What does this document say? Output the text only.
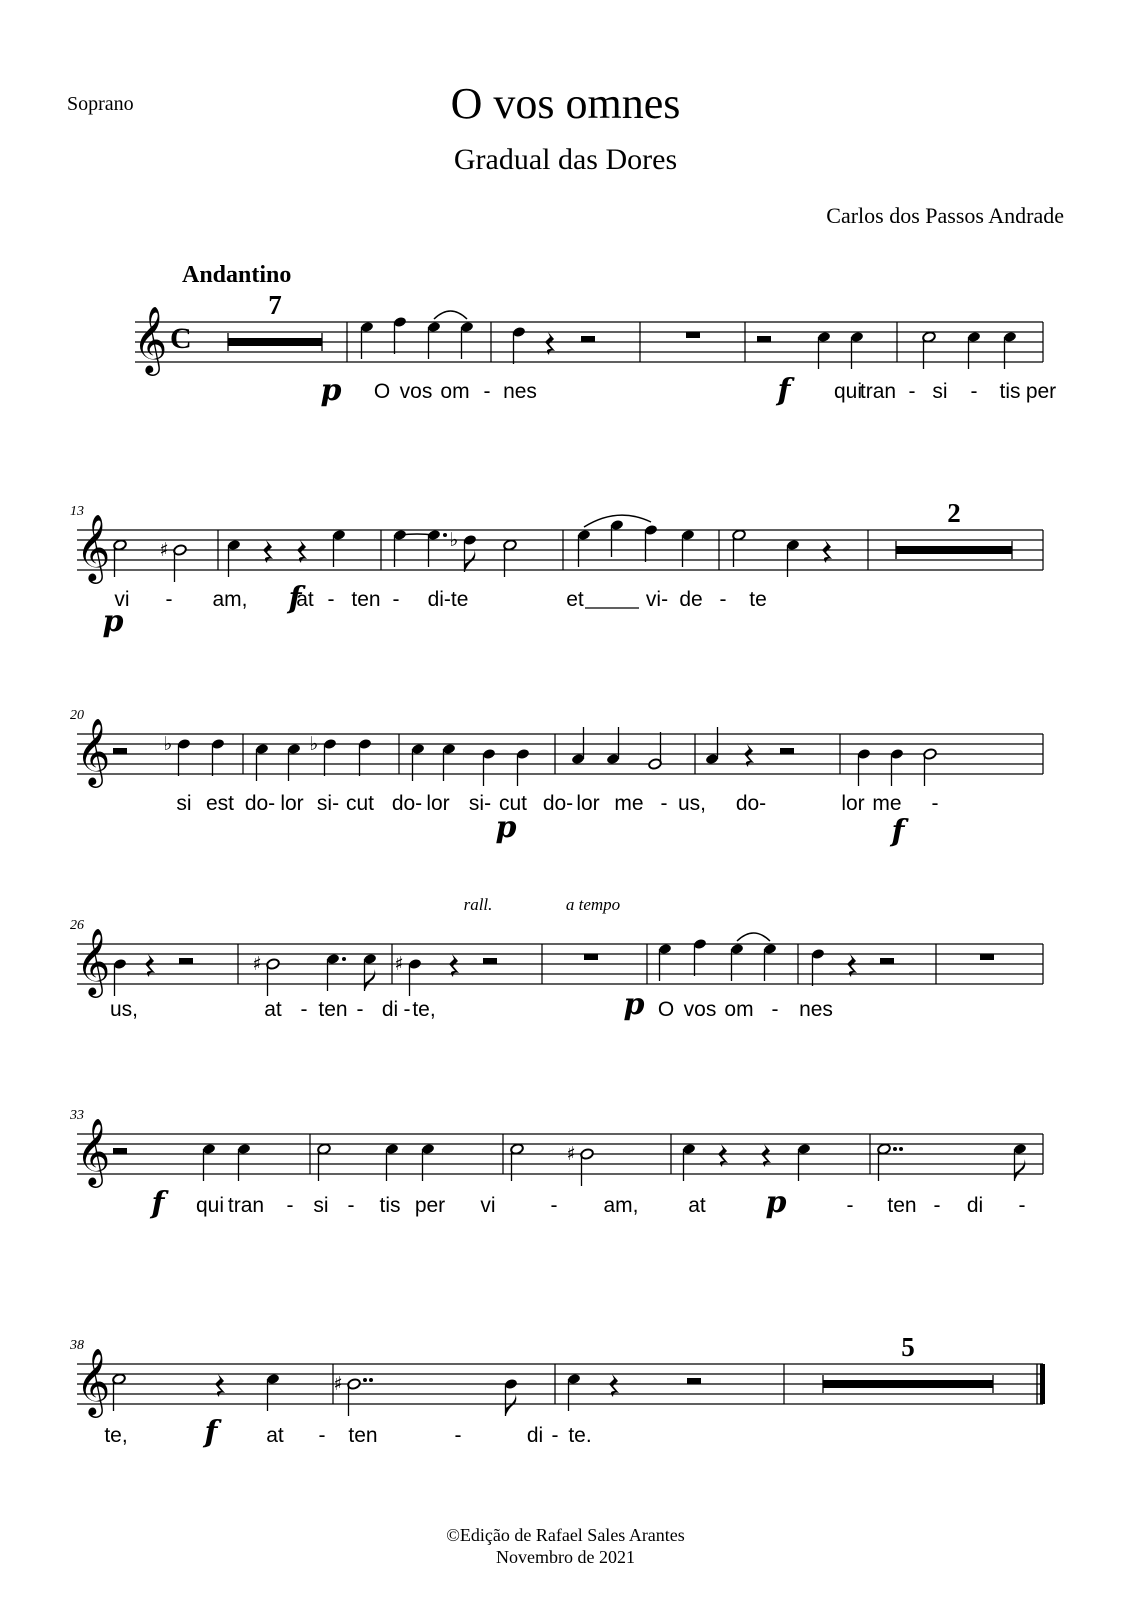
Soprano	O vos omnes
Gradual das Dores
Carlos dos Passos Andrade
Andantino
𝄞 C
7
O vos om - nes	qui
tran - si - tis per
p	f
𝄞
13
♯	♭
2
vi - am, at - ten - di-te	et	vi- de - te
p
f
𝄞
20
♭	♭
si est do- lor si- cut do- lor si- cut do- lor me - us, do-	lor me -
p	f
rall.	a tempo
𝄞
26
♯	♯
us,	at - ten - di - te,	O vos om - nes
p
𝄞
33
♯
qui tran - si - tis per vi	- am, at	- ten - di -
f	p
𝄞
38
♯
5
te,	at - ten	-	di - te.
f
©Edição de Rafael Sales Arantes
Novembro de 2021
